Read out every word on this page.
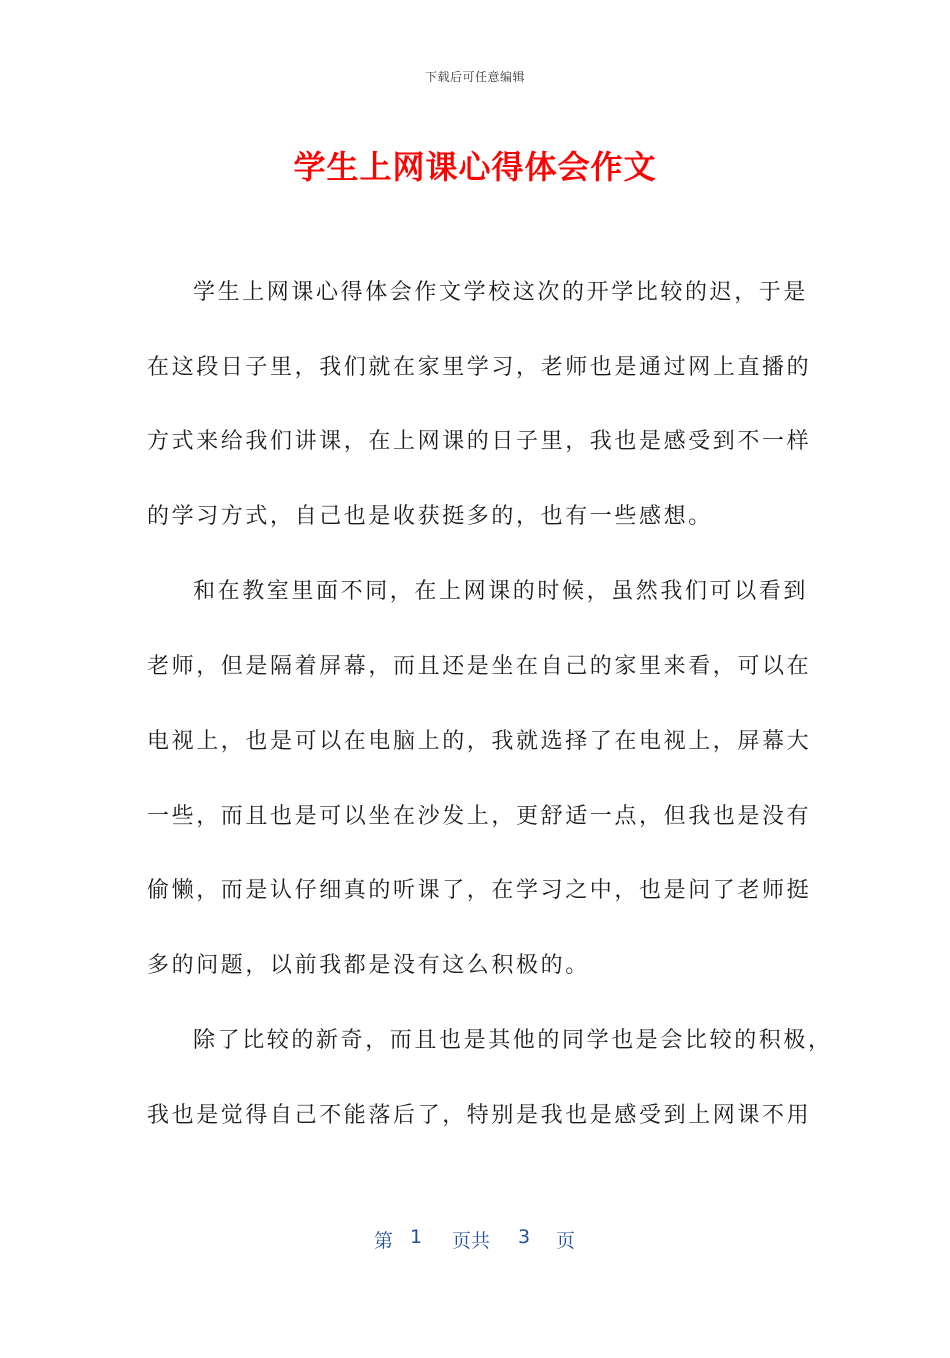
下载后可任意编辑
学生上网课心得体会作文
学生上网课心得体会作文学校这次的开学比较的迟，于是
在这段日子里，我们就在家里学习，老师也是通过网上直播的
方式来给我们讲课，在上网课的日子里，我也是感受到不一样
的学习方式，自己也是收获挺多的，也有一些感想。
和在教室里面不同，在上网课的时候，虽然我们可以看到
老师，但是隔着屏幕，而且还是坐在自己的家里来看，可以在
电视上，也是可以在电脑上的，我就选择了在电视上，屏幕大
一些，而且也是可以坐在沙发上，更舒适一点，但我也是没有
偷懒，而是认仔细真的听课了，在学习之中，也是问了老师挺
多的问题，以前我都是没有这么积极的。
除了比较的新奇，而且也是其他的同学也是会比较的积极，
我也是觉得自己不能落后了，特别是我也是感受到上网课不用

第

1

页共

3

页
